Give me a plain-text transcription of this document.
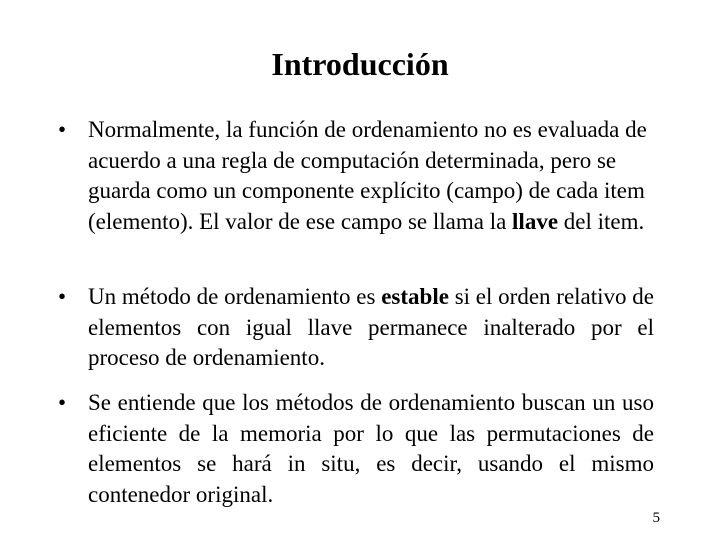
Introducción
• Normalmente, la función de ordenamiento no es evaluada de acuerdo a una regla de computación determinada, pero se guarda como un componente explícito (campo) de cada item (elemento). El valor de ese campo se llama la llave del item.
• Un método de ordenamiento es estable si el orden relativo de elementos con igual llave permanece inalterado por el proceso de ordenamiento.
• Se entiende que los métodos de ordenamiento buscan un uso eficiente de la memoria por lo que las permutaciones de elementos se hará in situ, es decir, usando el mismo contenedor original.
5
